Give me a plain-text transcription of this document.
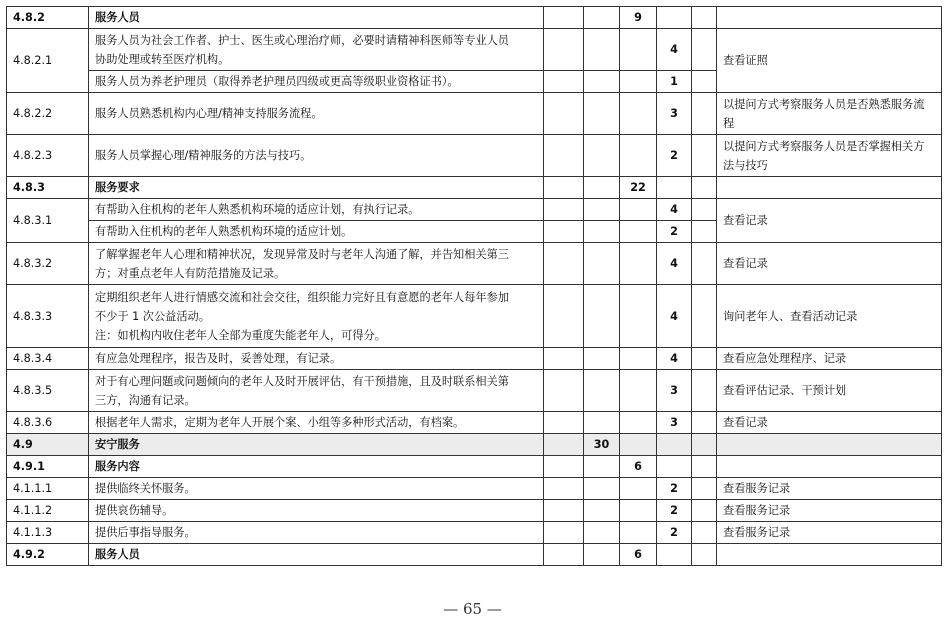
4.8.2	服务人员			9			
4.8.2.1	服务人员为社会工作者、护士、医生或心理治疗师，必要时请精神科医师等专业人员
协助处理或转至医疗机构。				4		查看证照
	服务人员为养老护理员（取得养老护理员四级或更高等级职业资格证书）。				1		
4.8.2.2	服务人员熟悉机构内心理/精神支持服务流程。				3		以提问方式考察服务人员是否熟悉服务流
程

4.8.2.3	服务人员掌握心理/精神服务的方法与技巧。				2		以提问方式考察服务人员是否掌握相关方
法与技巧

4.8.3	服务要求			22			
4.8.3.1	有帮助入住机构的老年人熟悉机构环境的适应计划，有执行记录。				4		查看记录
	有帮助入住机构的老年人熟悉机构环境的适应计划。				2		
4.8.3.2	了解掌握老年人心理和精神状况，发现异常及时与老年人沟通了解，并告知相关第三
方；对重点老年人有防范措施及记录。				4		查看记录
4.8.3.3	定期组织老年人进行情感交流和社会交往，组织能力完好且有意愿的老年人每年参加
不少于 1 次公益活动。
注：如机构内收住老年人全部为重度失能老年人，可得分。				4		询问老年人、查看活动记录
4.8.3.4	有应急处理程序，报告及时，妥善处理，有记录。				4		查看应急处理程序、记录
4.8.3.5	对于有心理问题或问题倾向的老年人及时开展评估，有干预措施，且及时联系相关第
三方，沟通有记录。				3		查看评估记录、干预计划
4.8.3.6	根据老年人需求，定期为老年人开展个案、小组等多种形式活动，有档案。				3		查看记录
4.9	安宁服务		30				
4.9.1	服务内容			6			
4.1.1.1	提供临终关怀服务。				2		查看服务记录
4.1.1.2	提供哀伤辅导。				2		查看服务记录
4.1.1.3	提供后事指导服务。				2		查看服务记录
4.9.2	服务人员			6			
— 65 —
